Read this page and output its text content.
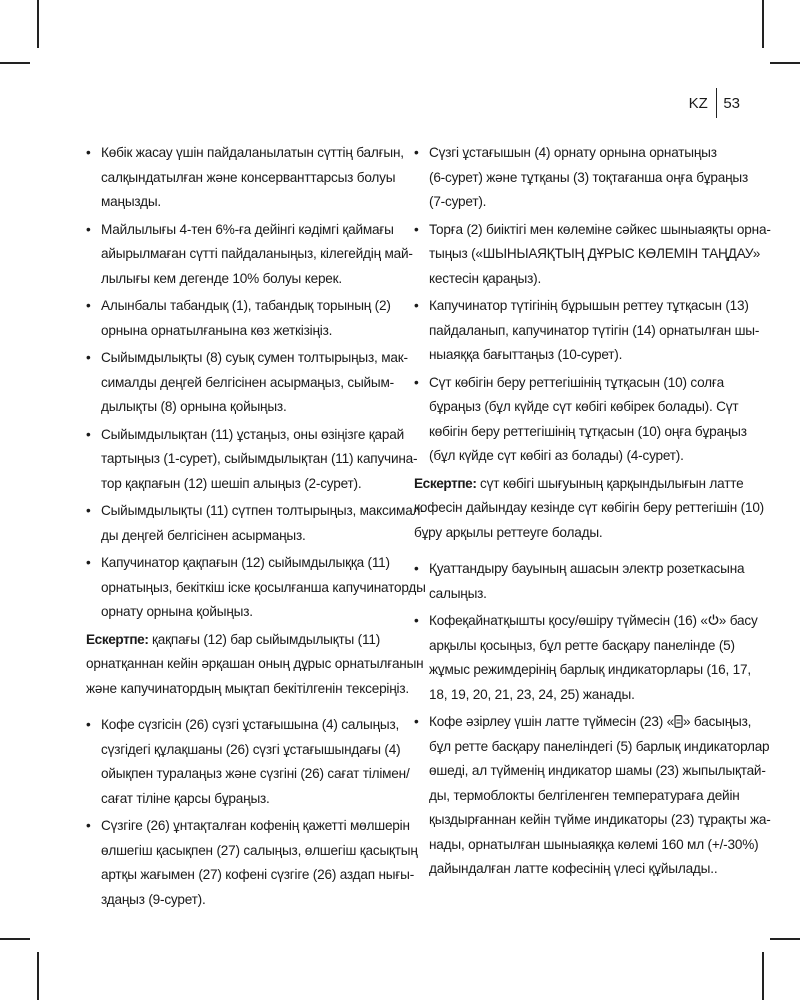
KZ	53
• Көбік жасау үшін пайдаланылатын сүттің балғын,
салқындатылған және консерванттарсыз болуы
маңызды.
• Майлылығы 4-тен 6%-ға дейінгі кәдімгі қаймағы
айырылмаған сүтті пайдаланыңыз, кілегейдің май-
лылығы кем дегенде 10% болуы керек.
• Алынбалы табандық (1), табандық торының (2)
орнына орнатылғанына көз жеткізіңіз.
• Сыйымдылықты (8) суық сумен толтырыңыз, мак-
сималды деңгей белгісінен асырмаңыз, сыйым-
дылықты (8) орнына қойыңыз.
• Сыйымдылықтан (11) ұстаңыз, оны өзіңізге қарай
тартыңыз (1-сурет), сыйымдылықтан (11) капучина-
тор қақпағын (12) шешіп алыңыз (2-сурет).
• Сыйымдылықты (11) сүтпен толтырыңыз, максимал-
ды деңгей белгісінен асырмаңыз.
• Капучинатор қақпағын (12) сыйымдылыққа (11)
орнатыңыз, бекіткіш іске қосылғанша капучинаторды
орнату орнына қойыңыз.
Ескертпе: қақпағы (12) бар сыйымдылықты (11)
орнатқаннан кейін әрқашан оның дұрыс орнатылғанын
және капучинатордың мықтап бекітілгенін тексеріңіз.
• Кофе сүзгісін (26) сүзгі ұстағышына (4) салыңыз,
сүзгідегі құлақшаны (26) сүзгі ұстағышындағы (4)
ойықпен туралаңыз және сүзгіні (26) сағат тілімен/
сағат тіліне қарсы бұраңыз.
• Сүзгіге (26) ұнтақталған кофенің қажетті мөлшерін
өлшегіш қасықпен (27) салыңыз, өлшегіш қасықтың
артқы жағымен (27) кофені сүзгіге (26) аздап нығы-
здаңыз (9-сурет).
• Сүзгі ұстағышын (4) орнату орнына орнатыңыз
(6-сурет) және тұтқаны (3) тоқтағанша оңға бұраңыз
(7-сурет).
• Торға (2) биіктігі мен көлеміне сәйкес шыныаяқты орна-
тыңыз («ШЫНЫАЯҚТЫҢ ДҰРЫС КӨЛЕМІН ТАҢДАУ»
кестесін қараңыз).
• Капучинатор түтігінің бұрышын реттеу тұтқасын (13)
пайдаланып, капучинатор түтігін (14) орнатылған шы-
ныаяққа бағыттаңыз (10-сурет).
• Сүт көбігін беру реттегішінің тұтқасын (10) солға
бұраңыз (бұл күйде сүт көбігі көбірек болады). Сүт
көбігін беру реттегішінің тұтқасын (10) оңға бұраңыз
(бұл күйде сүт көбігі аз болады) (4-сурет).
Ескертпе: сүт көбігі шығуының қарқындылығын латте
кофесін дайындау кезінде сүт көбігін беру реттегішін (10)
бұру арқылы реттеуге болады.
• Қуаттандыру бауының ашасын электр розеткасына
салыңыз.
• Кофеқайнатқышты қосу/өшіру түймесін (16) « » басу
арқылы қосыңыз, бұл ретте басқару панелінде (5)
жұмыс режимдерінің барлық индикаторлары (16, 17,
18, 19, 20, 21, 23, 24, 25) жанады.
• Кофе әзірлеу үшін латте түймесін (23) « » басыңыз,
бұл ретте басқару панеліндегі (5) барлық индикаторлар
өшеді, ал түйменің индикатор шамы (23) жыпылықтай-
ды, термоблокты белгіленген температураға дейін
қыздырғаннан кейін түйме индикаторы (23) тұрақты жа-
нады, орнатылған шыныаяққа көлемі 160 мл (+/-30%)
дайындалған латте кофесінің үлесі құйылады..
